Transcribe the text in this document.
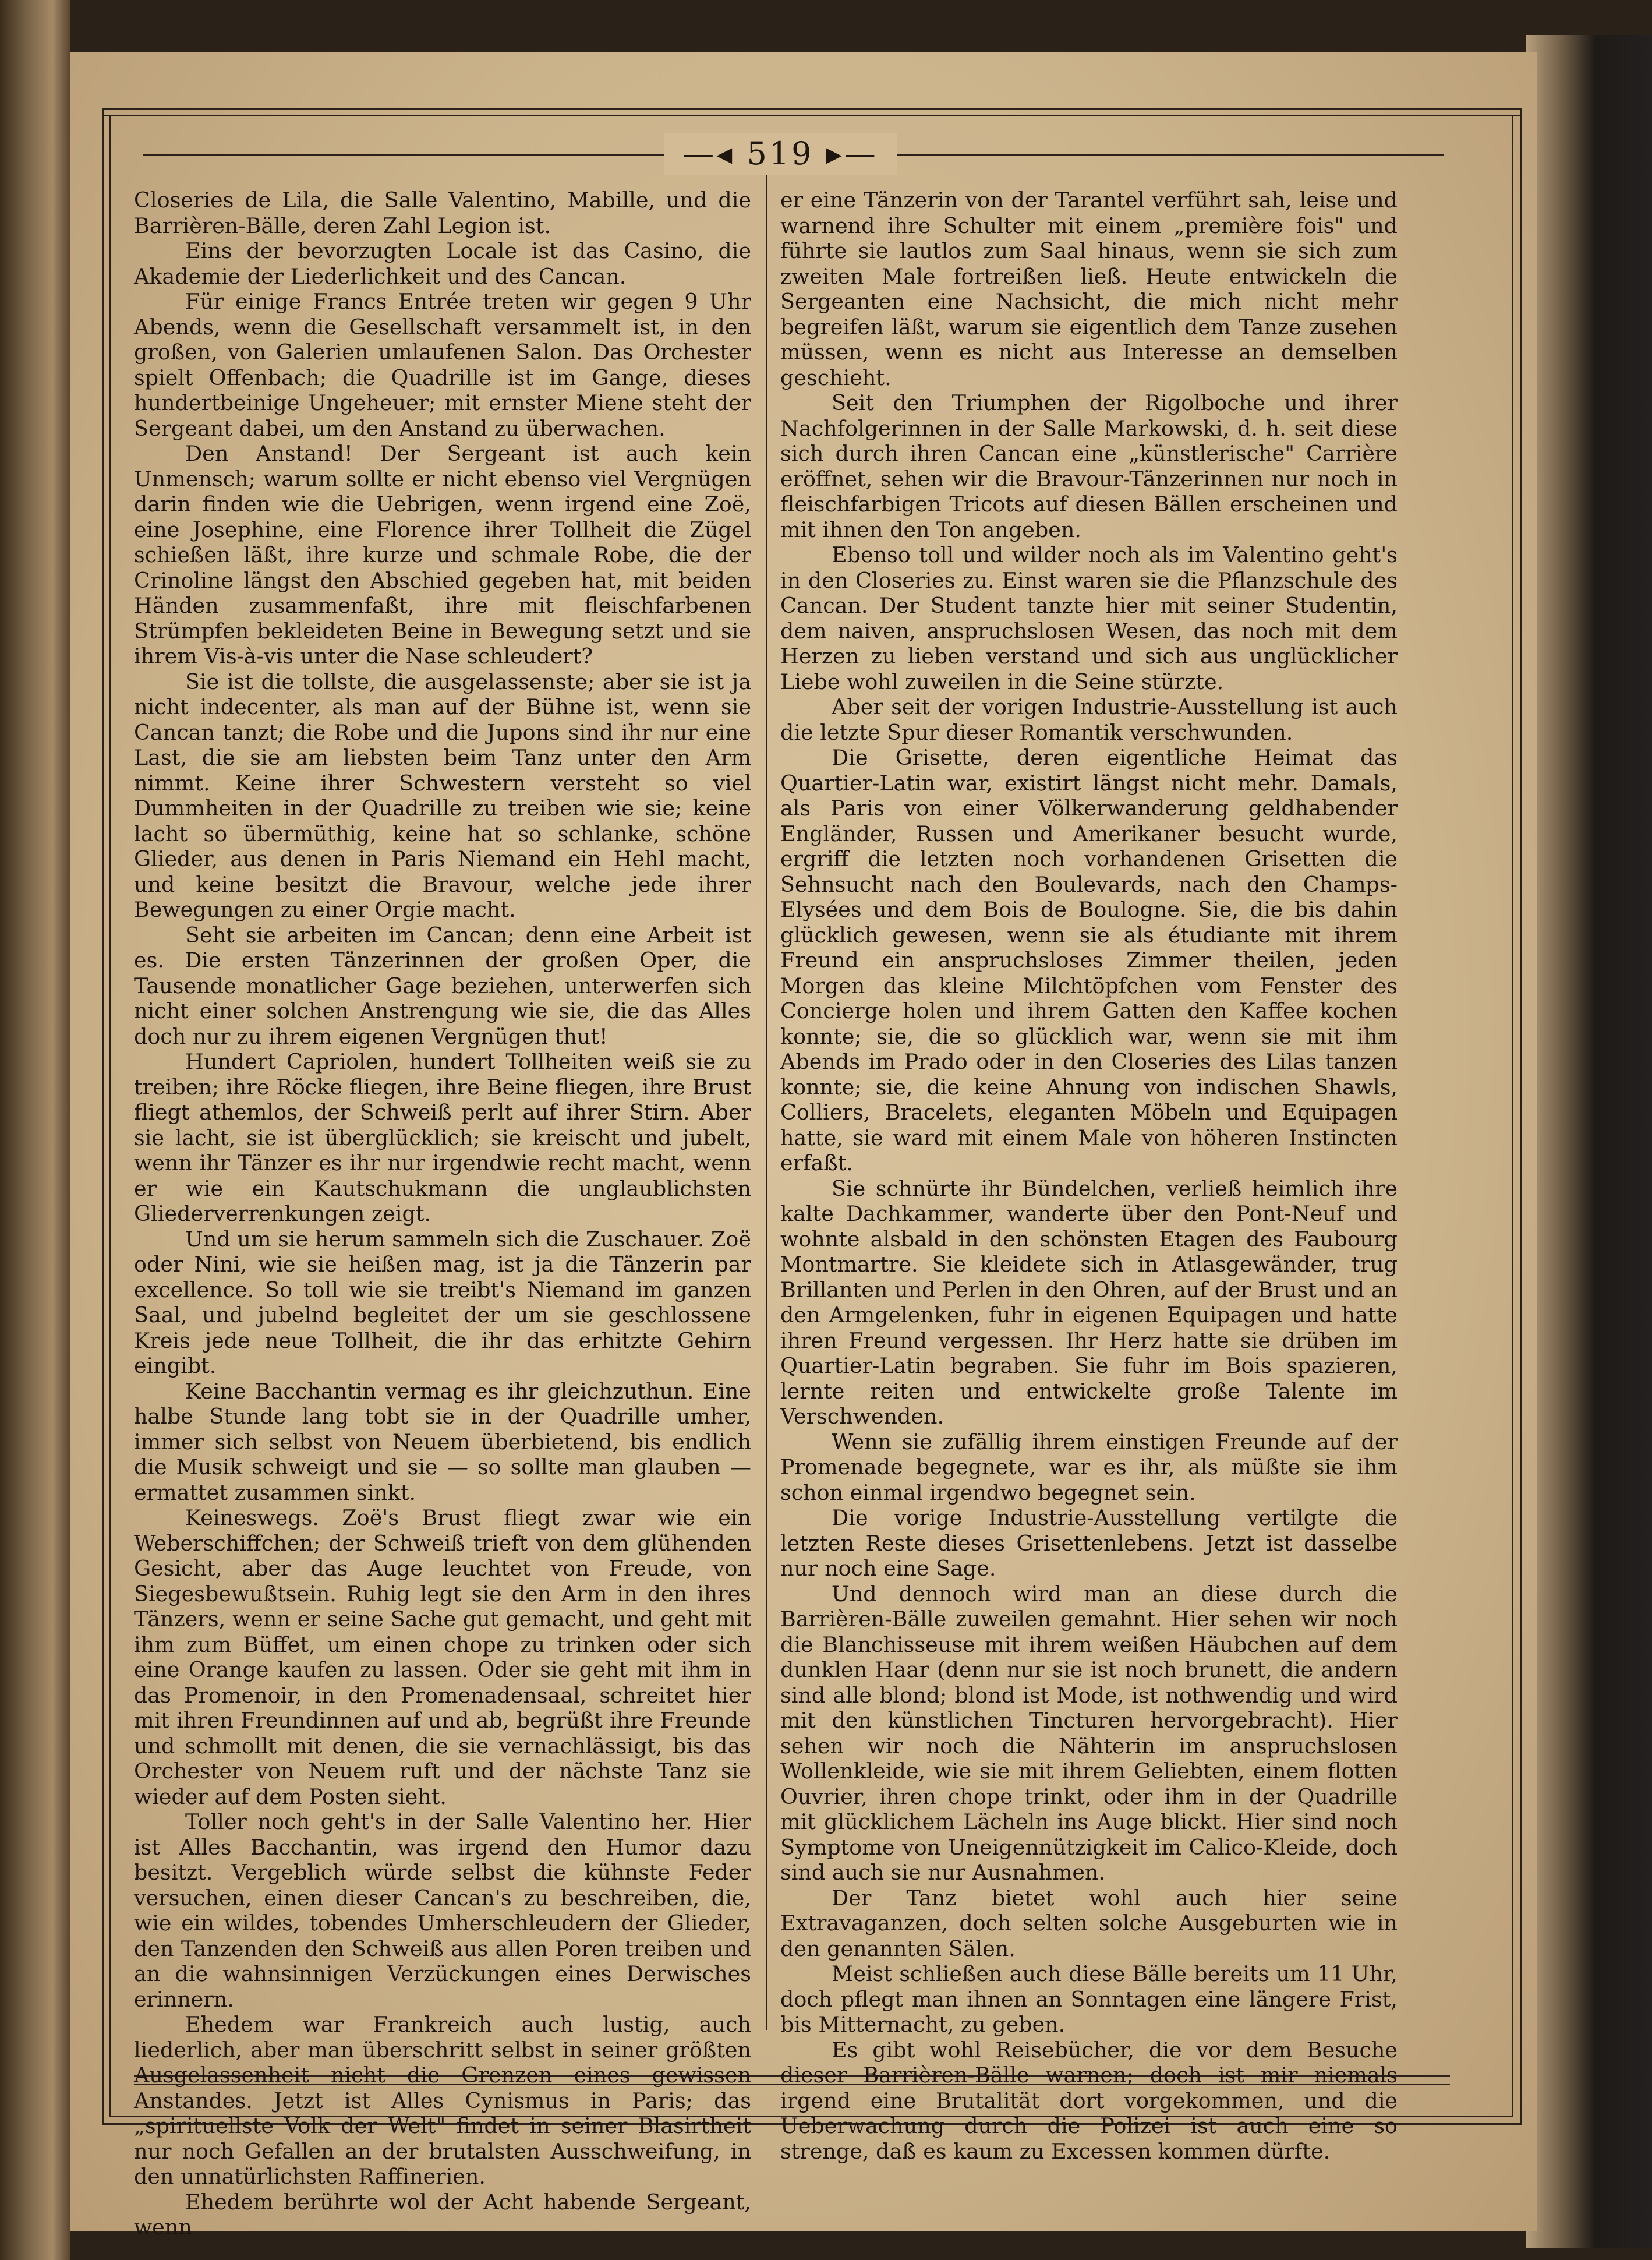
—◂ 519 ▸—

Closeries de Lila, die Salle Valentino, Mabille, und die Barrièren-Bälle, deren Zahl Legion ist.

Eins der bevorzugten Locale ist das Casino, die Akademie der Liederlichkeit und des Cancan.

Für einige Francs Entrée treten wir gegen 9 Uhr Abends, wenn die Gesellschaft versammelt ist, in den großen, von Galerien umlaufenen Salon. Das Orchester spielt Offenbach; die Quadrille ist im Gange, dieses hundertbeinige Ungeheuer; mit ernster Miene steht der Sergeant dabei, um den Anstand zu überwachen.

Den Anstand! Der Sergeant ist auch kein Unmensch; warum sollte er nicht ebenso viel Vergnügen darin finden wie die Uebrigen, wenn irgend eine Zoë, eine Josephine, eine Florence ihrer Tollheit die Zügel schießen läßt, ihre kurze und schmale Robe, die der Crinoline längst den Abschied gegeben hat, mit beiden Händen zusammenfaßt, ihre mit fleischfarbenen Strümpfen bekleideten Beine in Bewegung setzt und sie ihrem Vis-à-vis unter die Nase schleudert?

Sie ist die tollste, die ausgelassenste; aber sie ist ja nicht indecenter, als man auf der Bühne ist, wenn sie Cancan tanzt; die Robe und die Jupons sind ihr nur eine Last, die sie am liebsten beim Tanz unter den Arm nimmt. Keine ihrer Schwestern versteht so viel Dummheiten in der Quadrille zu treiben wie sie; keine lacht so übermüthig, keine hat so schlanke, schöne Glieder, aus denen in Paris Niemand ein Hehl macht, und keine besitzt die Bravour, welche jede ihrer Bewegungen zu einer Orgie macht.

Seht sie arbeiten im Cancan; denn eine Arbeit ist es. Die ersten Tänzerinnen der großen Oper, die Tausende monatlicher Gage beziehen, unterwerfen sich nicht einer solchen Anstrengung wie sie, die das Alles doch nur zu ihrem eigenen Vergnügen thut!

Hundert Capriolen, hundert Tollheiten weiß sie zu treiben; ihre Röcke fliegen, ihre Beine fliegen, ihre Brust fliegt athemlos, der Schweiß perlt auf ihrer Stirn. Aber sie lacht, sie ist überglücklich; sie kreischt und jubelt, wenn ihr Tänzer es ihr nur irgendwie recht macht, wenn er wie ein Kautschukmann die unglaublichsten Gliederverrenkungen zeigt.

Und um sie herum sammeln sich die Zuschauer. Zoë oder Nini, wie sie heißen mag, ist ja die Tänzerin par excellence. So toll wie sie treibt's Niemand im ganzen Saal, und jubelnd begleitet der um sie geschlossene Kreis jede neue Tollheit, die ihr das erhitzte Gehirn eingibt.

Keine Bacchantin vermag es ihr gleichzuthun. Eine halbe Stunde lang tobt sie in der Quadrille umher, immer sich selbst von Neuem überbietend, bis endlich die Musik schweigt und sie — so sollte man glauben — ermattet zusammen sinkt.

Keineswegs. Zoë's Brust fliegt zwar wie ein Weberschiffchen; der Schweiß trieft von dem glühenden Gesicht, aber das Auge leuchtet von Freude, von Siegesbewußtsein. Ruhig legt sie den Arm in den ihres Tänzers, wenn er seine Sache gut gemacht, und geht mit ihm zum Büffet, um einen chope zu trinken oder sich eine Orange kaufen zu lassen. Oder sie geht mit ihm in das Promenoir, in den Promenadensaal, schreitet hier mit ihren Freundinnen auf und ab, begrüßt ihre Freunde und schmollt mit denen, die sie vernachlässigt, bis das Orchester von Neuem ruft und der nächste Tanz sie wieder auf dem Posten sieht.

Toller noch geht's in der Salle Valentino her. Hier ist Alles Bacchantin, was irgend den Humor dazu besitzt. Vergeblich würde selbst die kühnste Feder versuchen, einen dieser Cancan's zu beschreiben, die, wie ein wildes, tobendes Umherschleudern der Glieder, den Tanzenden den Schweiß aus allen Poren treiben und an die wahnsinnigen Verzückungen eines Derwisches erinnern.

Ehedem war Frankreich auch lustig, auch liederlich, aber man überschritt selbst in seiner größten Ausgelassenheit nicht die Grenzen eines gewissen Anstandes. Jetzt ist Alles Cynismus in Paris; das „spirituellste Volk der Welt" findet in seiner Blasirtheit nur noch Gefallen an der brutalsten Ausschweifung, in den unnatürlichsten Raffinerien.

Ehedem berührte wol der Acht habende Sergeant, wenn

er eine Tänzerin von der Tarantel verführt sah, leise und warnend ihre Schulter mit einem „première fois" und führte sie lautlos zum Saal hinaus, wenn sie sich zum zweiten Male fortreißen ließ. Heute entwickeln die Sergeanten eine Nachsicht, die mich nicht mehr begreifen läßt, warum sie eigentlich dem Tanze zusehen müssen, wenn es nicht aus Interesse an demselben geschieht.

Seit den Triumphen der Rigolboche und ihrer Nachfolgerinnen in der Salle Markowski, d. h. seit diese sich durch ihren Cancan eine „künstlerische" Carrière eröffnet, sehen wir die Bravour-Tänzerinnen nur noch in fleischfarbigen Tricots auf diesen Bällen erscheinen und mit ihnen den Ton angeben.

Ebenso toll und wilder noch als im Valentino geht's in den Closeries zu. Einst waren sie die Pflanzschule des Cancan. Der Student tanzte hier mit seiner Studentin, dem naiven, anspruchslosen Wesen, das noch mit dem Herzen zu lieben verstand und sich aus unglücklicher Liebe wohl zuweilen in die Seine stürzte.

Aber seit der vorigen Industrie-Ausstellung ist auch die letzte Spur dieser Romantik verschwunden.

Die Grisette, deren eigentliche Heimat das Quartier-Latin war, existirt längst nicht mehr. Damals, als Paris von einer Völkerwanderung geldhabender Engländer, Russen und Amerikaner besucht wurde, ergriff die letzten noch vorhandenen Grisetten die Sehnsucht nach den Boulevards, nach den Champs-Elysées und dem Bois de Boulogne. Sie, die bis dahin glücklich gewesen, wenn sie als étudiante mit ihrem Freund ein anspruchsloses Zimmer theilen, jeden Morgen das kleine Milchtöpfchen vom Fenster des Concierge holen und ihrem Gatten den Kaffee kochen konnte; sie, die so glücklich war, wenn sie mit ihm Abends im Prado oder in den Closeries des Lilas tanzen konnte; sie, die keine Ahnung von indischen Shawls, Colliers, Bracelets, eleganten Möbeln und Equipagen hatte, sie ward mit einem Male von höheren Instincten erfaßt.

Sie schnürte ihr Bündelchen, verließ heimlich ihre kalte Dachkammer, wanderte über den Pont-Neuf und wohnte alsbald in den schönsten Etagen des Faubourg Montmartre. Sie kleidete sich in Atlasgewänder, trug Brillanten und Perlen in den Ohren, auf der Brust und an den Armgelenken, fuhr in eigenen Equipagen und hatte ihren Freund vergessen. Ihr Herz hatte sie drüben im Quartier-Latin begraben. Sie fuhr im Bois spazieren, lernte reiten und entwickelte große Talente im Verschwenden.

Wenn sie zufällig ihrem einstigen Freunde auf der Promenade begegnete, war es ihr, als müßte sie ihm schon einmal irgendwo begegnet sein.

Die vorige Industrie-Ausstellung vertilgte die letzten Reste dieses Grisettenlebens. Jetzt ist dasselbe nur noch eine Sage.

Und dennoch wird man an diese durch die Barrièren-Bälle zuweilen gemahnt. Hier sehen wir noch die Blanchisseuse mit ihrem weißen Häubchen auf dem dunklen Haar (denn nur sie ist noch brunett, die andern sind alle blond; blond ist Mode, ist nothwendig und wird mit den künstlichen Tincturen hervorgebracht). Hier sehen wir noch die Nähterin im anspruchslosen Wollenkleide, wie sie mit ihrem Geliebten, einem flotten Ouvrier, ihren chope trinkt, oder ihm in der Quadrille mit glücklichem Lächeln ins Auge blickt. Hier sind noch Symptome von Uneigennützigkeit im Calico-Kleide, doch sind auch sie nur Ausnahmen.

Der Tanz bietet wohl auch hier seine Extravaganzen, doch selten solche Ausgeburten wie in den genannten Sälen.

Meist schließen auch diese Bälle bereits um 11 Uhr, doch pflegt man ihnen an Sonntagen eine längere Frist, bis Mitternacht, zu geben.

Es gibt wohl Reisebücher, die vor dem Besuche dieser Barrièren-Bälle warnen; doch ist mir niemals irgend eine Brutalität dort vorgekommen, und die Ueberwachung durch die Polizei ist auch eine so strenge, daß es kaum zu Excessen kommen dürfte.
